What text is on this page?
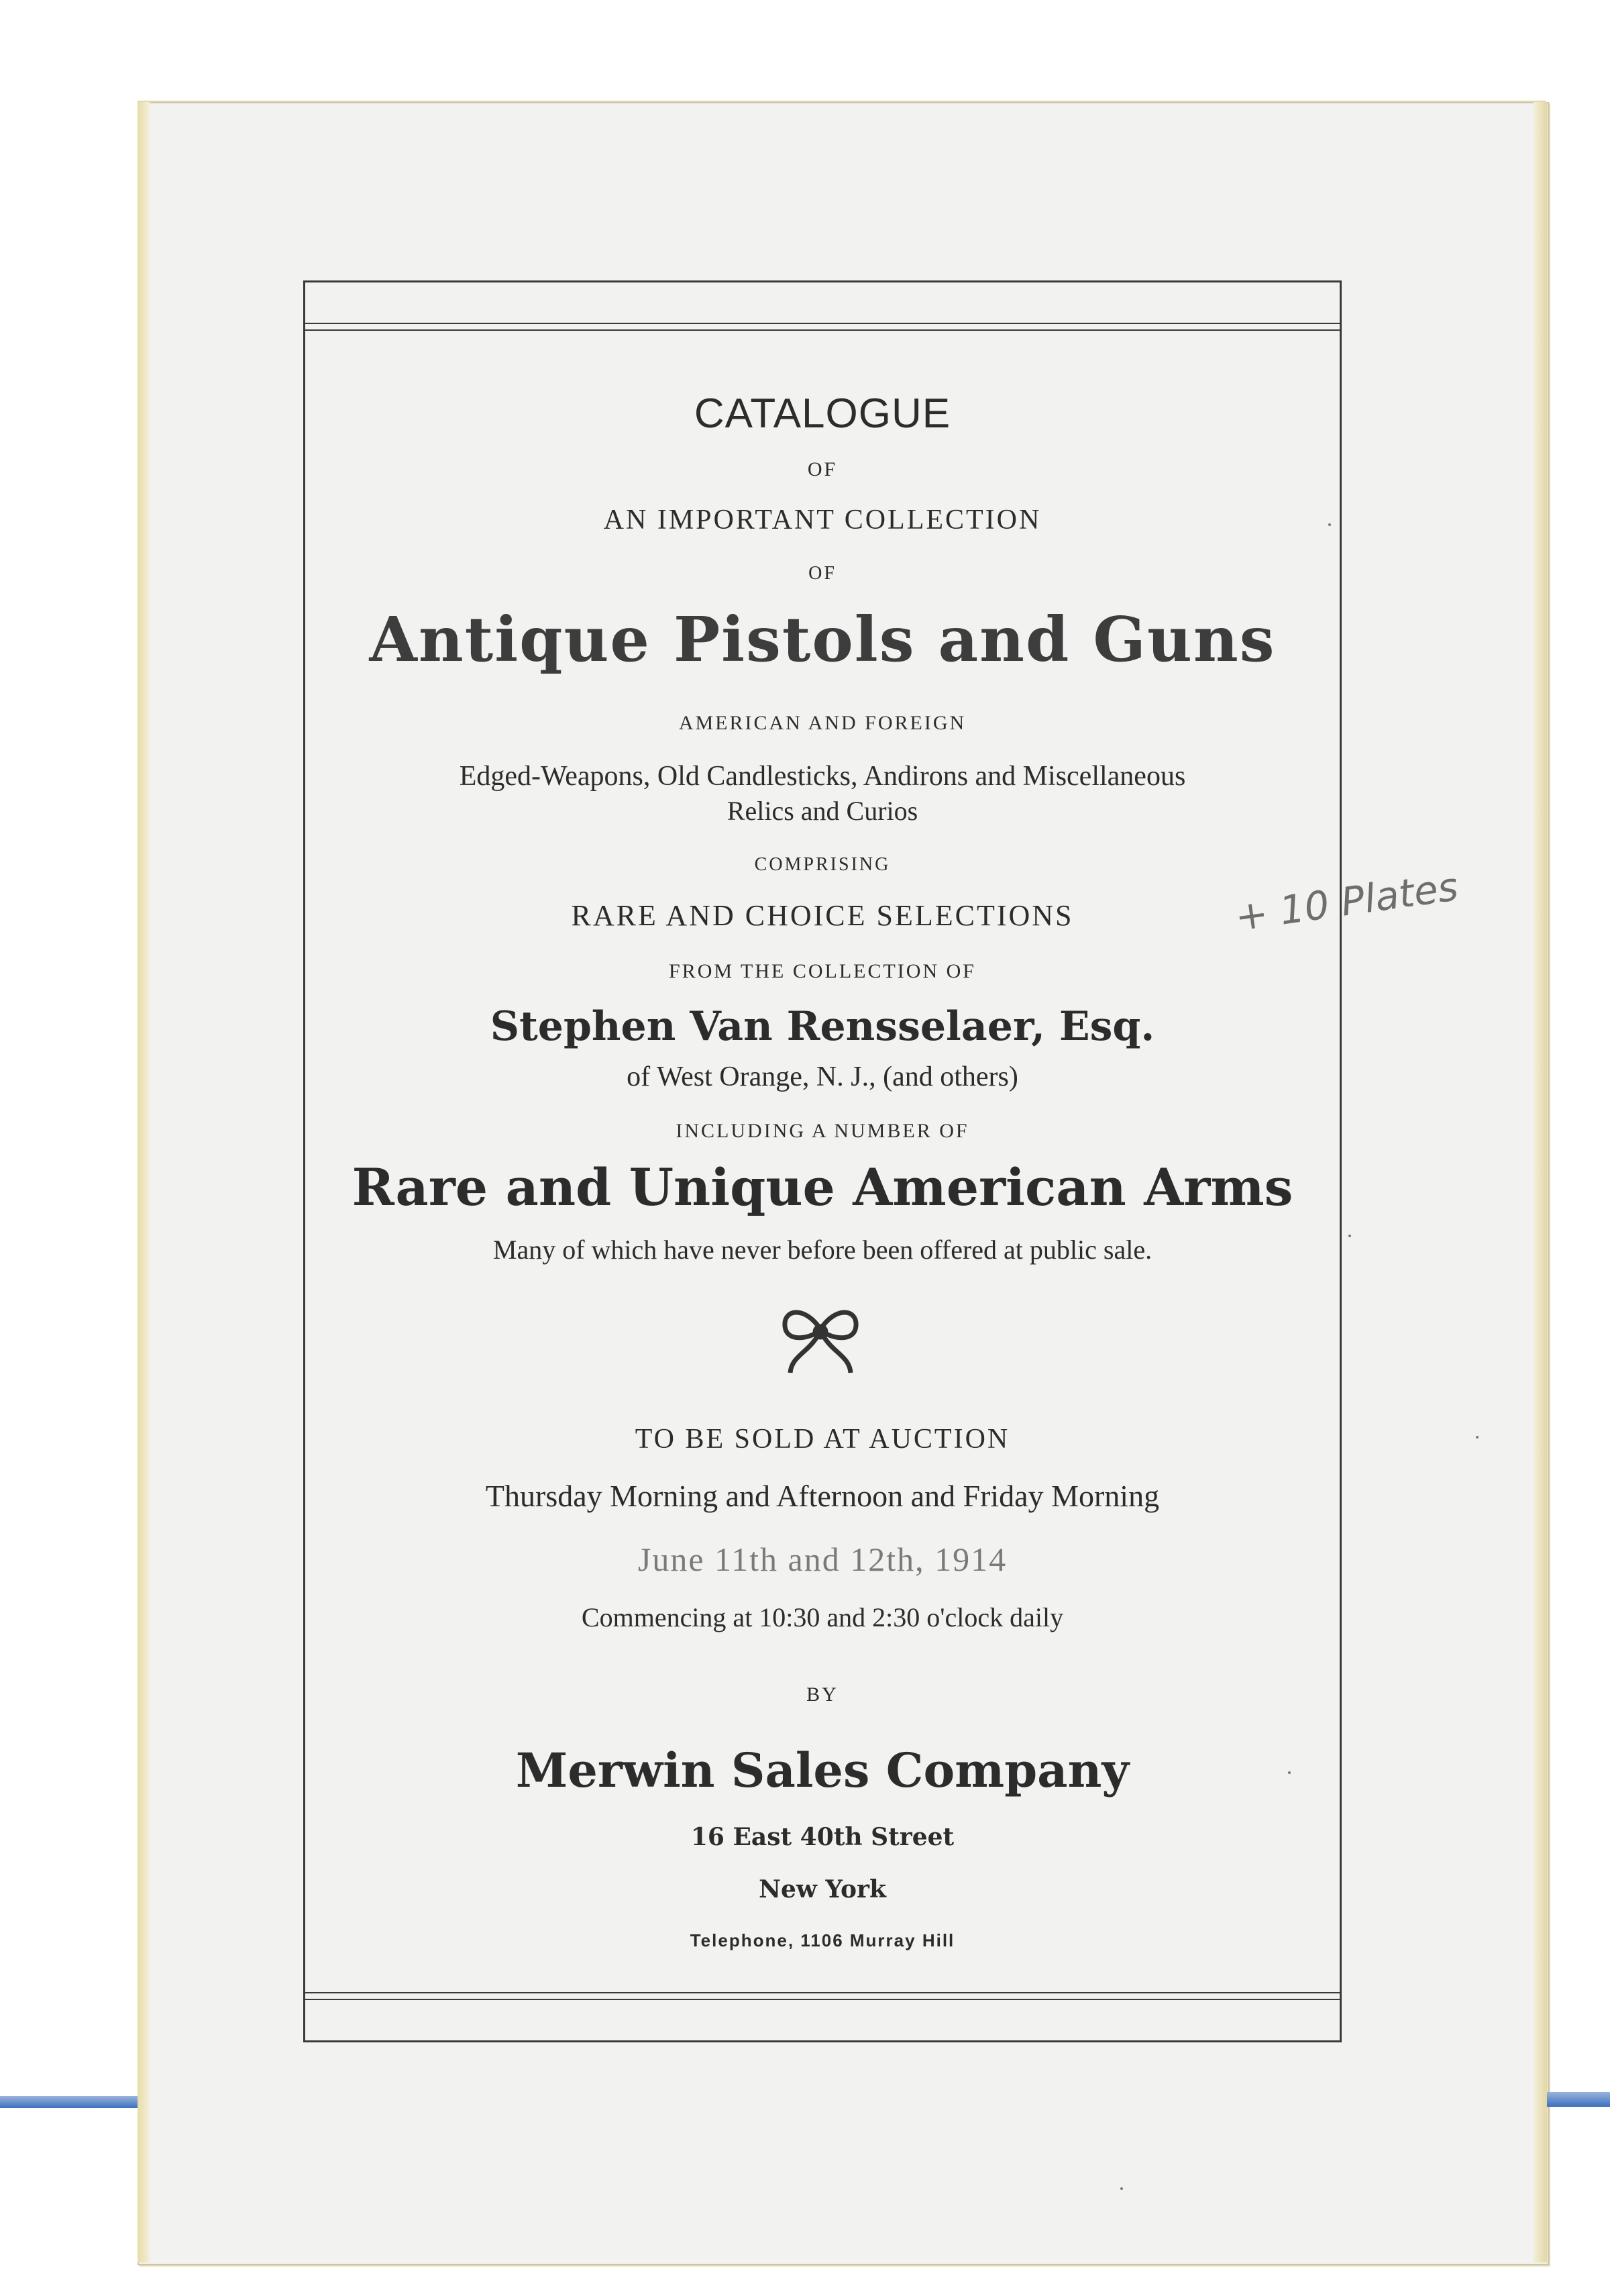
CATALOGUE
OF
AN IMPORTANT COLLECTION
OF
Antique Pistols and Guns
AMERICAN AND FOREIGN
Edged-Weapons, Old Candlesticks, Andirons and Miscellaneous
Relics and Curios
COMPRISING
RARE AND CHOICE SELECTIONS
FROM THE COLLECTION OF
Stephen Van Rensselaer, Esq.
of West Orange, N. J., (and others)
INCLUDING A NUMBER OF
Rare and Unique American Arms
Many of which have never before been offered at public sale.
TO BE SOLD AT AUCTION
Thursday Morning and Afternoon and Friday Morning
June 11th and 12th, 1914
Commencing at 10:30 and 2:30 o'clock daily
BY
Merwin Sales Company
16 East 40th Street
New York
Telephone, 1106 Murray Hill
+ 10 Plates
